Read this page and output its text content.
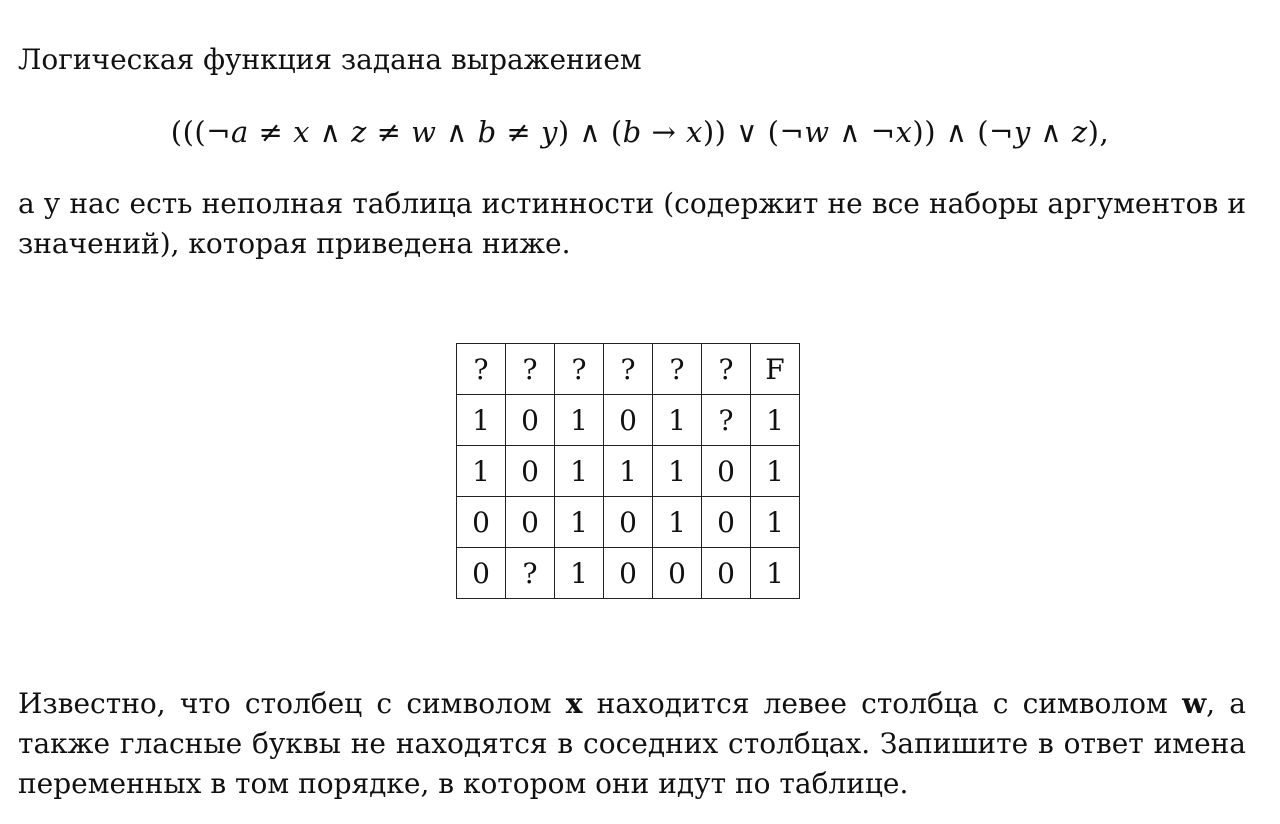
Логическая функция задана выражением

(((¬a ≠ x ∧ z ≠ w ∧ b ≠ y) ∧ (b → x)) ∨ (¬w ∧ ¬x)) ∧ (¬y ∧ z),

а у нас есть неполная таблица истинности (содержит не все наборы аргументов и значений), которая приведена ниже.

?	?	?	?	?	?	F
1	0	1	0	1	?	1
1	0	1	1	1	0	1
0	0	1	0	1	0	1
0	?	1	0	0	0	1

Известно, что столбец с символом x находится левее столбца с символом w, а также гласные буквы не находятся в соседних столбцах. Запишите в ответ имена переменных в том порядке, в котором они идут по таблице.
